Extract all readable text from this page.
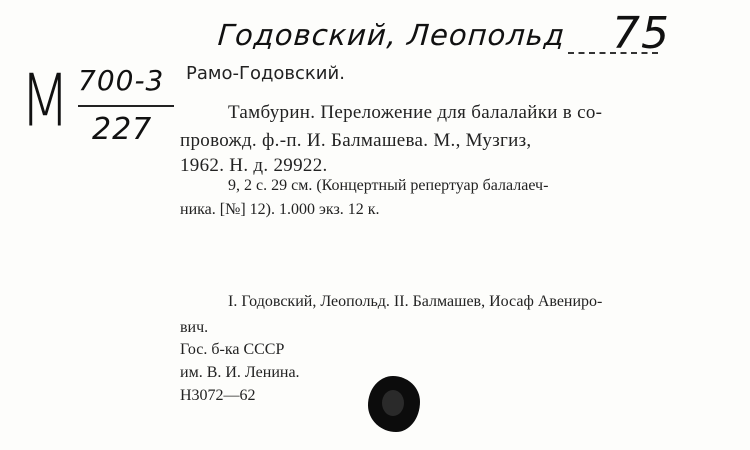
Годовский, Леопольд 75
М 700-3
227
Рамо-Годовский.
Тамбурин. Переложение для балалайки в со-
провожд. ф.-п. И. Балмашева. М., Музгиз,
1962. Н. д. 29922.
9, 2 с. 29 см. (Концертный репертуар балалаеч-
ника. [№] 12). 1.000 экз. 12 к.
I. Годовский, Леопольд. II. Балмашев, Иосаф Авениро-
вич.
Гос. б-ка СССР
им. В. И. Ленина.
Н3072—62
